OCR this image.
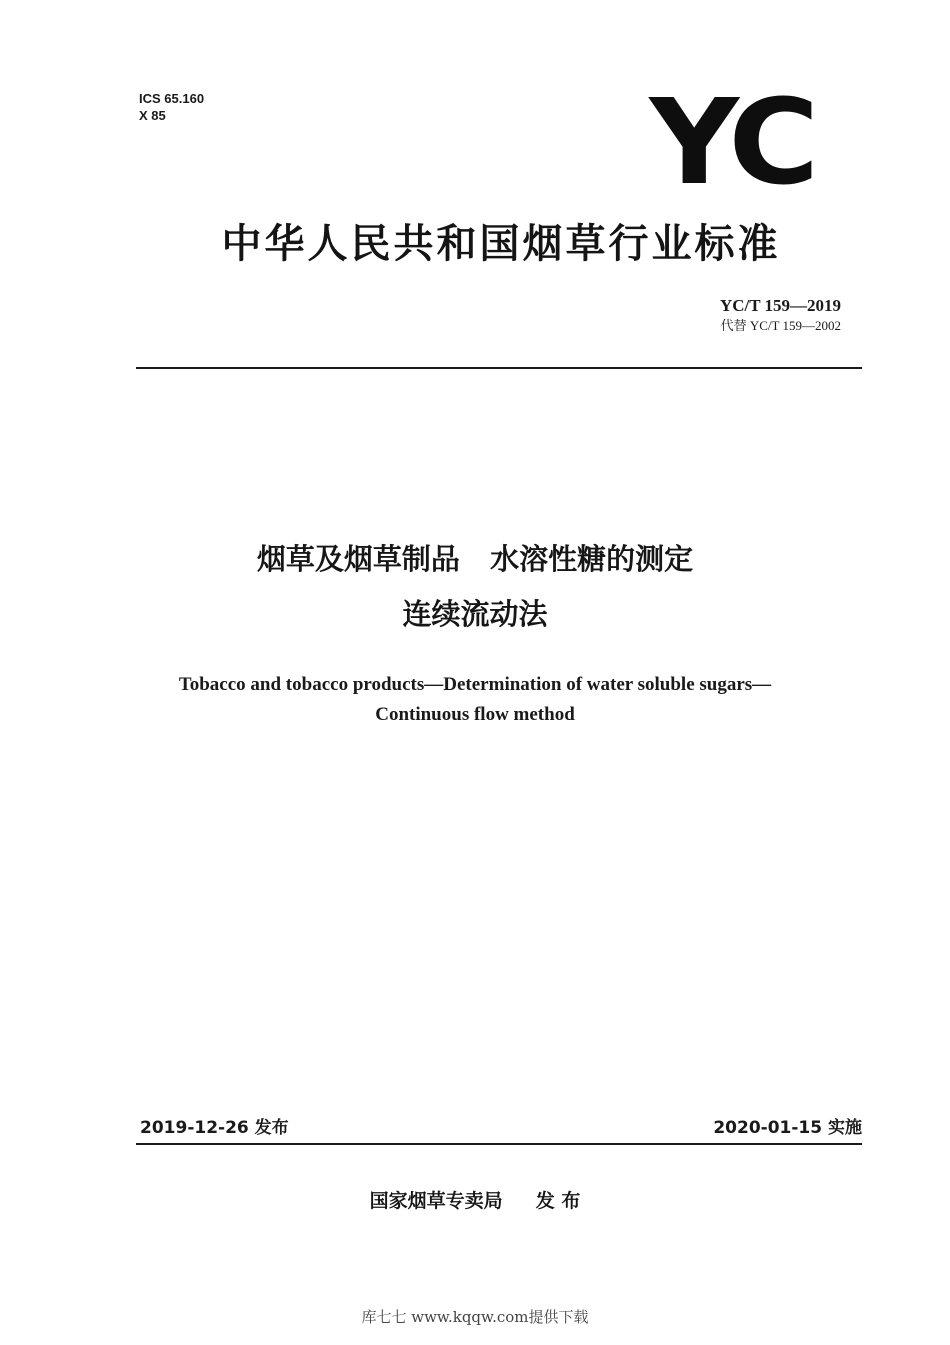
ICS 65.160
X 85	YC
中华人民共和国烟草行业标准
YC/T 159—2019
代替 YC/T 159—2002
烟草及烟草制品   水溶性糖的测定
连续流动法
Tobacco and tobacco products—Determination of water soluble sugars—
Continuous flow method
2019-12-26 发布	2020-01-15 实施
国家烟草专卖局     发 布
库七七 www.kqqw.com提供下载
